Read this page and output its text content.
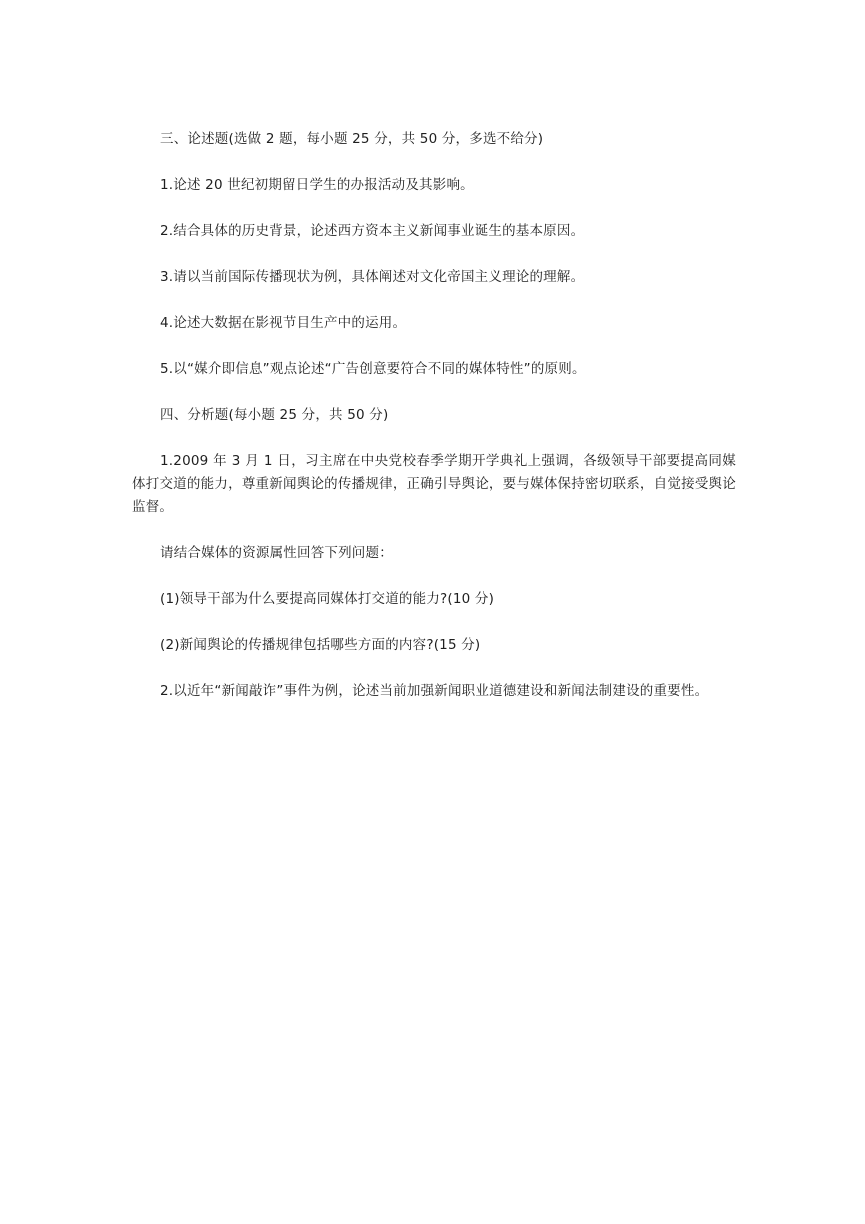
三、论述题(选做 2 题，每小题 25 分，共 50 分，多选不给分)

1.论述 20 世纪初期留日学生的办报活动及其影响。

2.结合具体的历史背景，论述西方资本主义新闻事业诞生的基本原因。

3.请以当前国际传播现状为例，具体阐述对文化帝国主义理论的理解。

4.论述大数据在影视节目生产中的运用。

5.以“媒介即信息”观点论述“广告创意要符合不同的媒体特性”的原则。

四、分析题(每小题 25 分，共 50 分)

1.2009 年 3 月 1 日，习主席在中央党校春季学期开学典礼上强调，各级领导干部要提高同媒体打交道的能力，尊重新闻舆论的传播规律，正确引导舆论，要与媒体保持密切联系，自觉接受舆论监督。

请结合媒体的资源属性回答下列问题：

(1)领导干部为什么要提高同媒体打交道的能力?(10 分)

(2)新闻舆论的传播规律包括哪些方面的内容?(15 分)

2.以近年“新闻敲诈”事件为例，论述当前加强新闻职业道德建设和新闻法制建设的重要性。
